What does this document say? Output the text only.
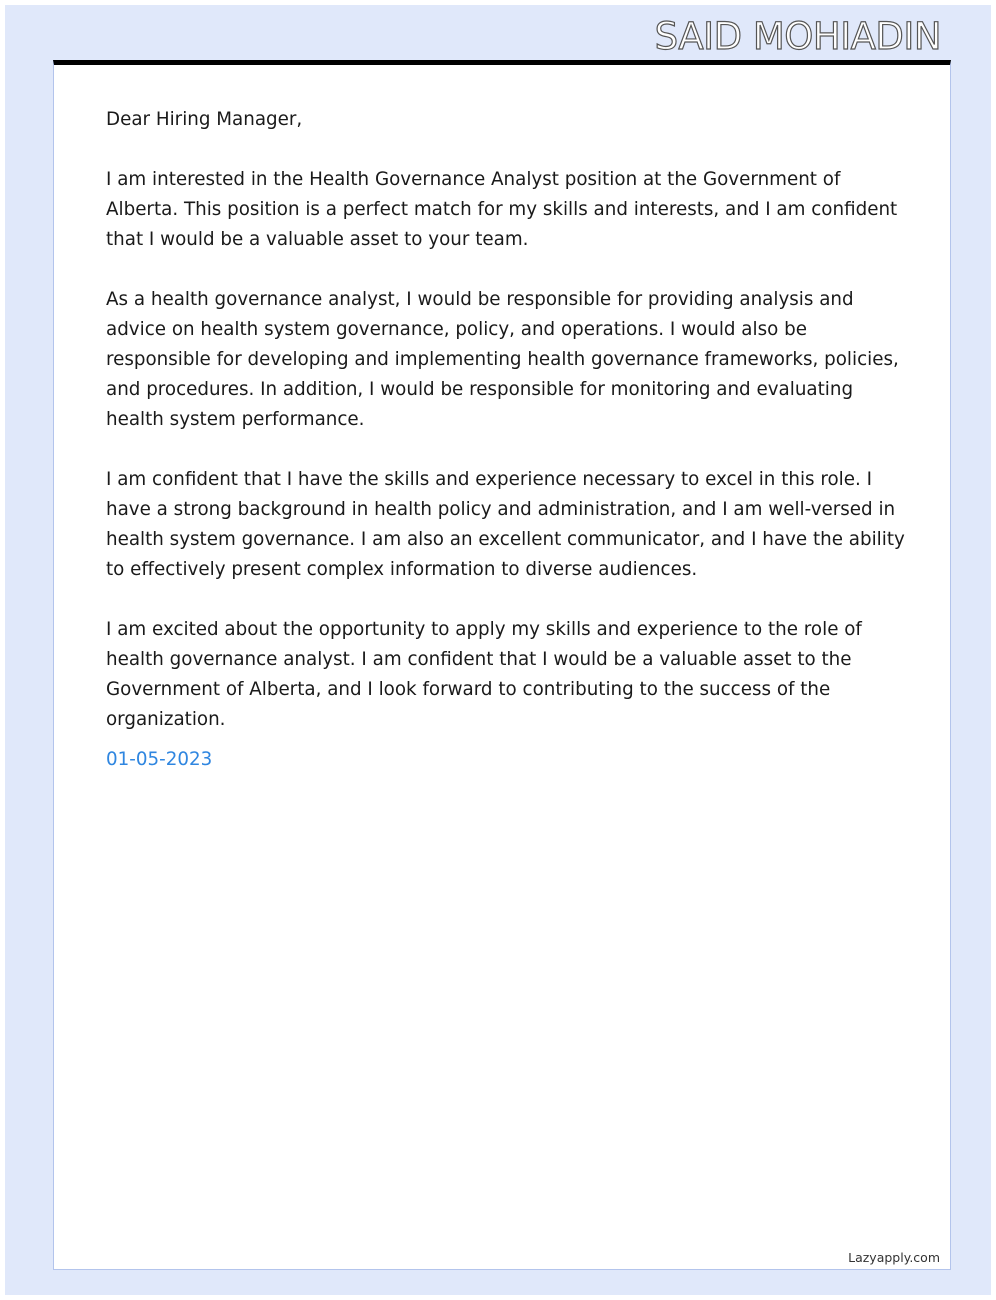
SAID MOHIADIN

Dear Hiring Manager,

I am interested in the Health Governance Analyst position at the Government of Alberta. This position is a perfect match for my skills and interests, and I am confident that I would be a valuable asset to your team.

As a health governance analyst, I would be responsible for providing analysis and advice on health system governance, policy, and operations. I would also be responsible for developing and implementing health governance frameworks, policies, and procedures. In addition, I would be responsible for monitoring and evaluating health system performance.

I am confident that I have the skills and experience necessary to excel in this role. I have a strong background in health policy and administration, and I am well-versed in health system governance. I am also an excellent communicator, and I have the ability to effectively present complex information to diverse audiences.

I am excited about the opportunity to apply my skills and experience to the role of health governance analyst. I am confident that I would be a valuable asset to the Government of Alberta, and I look forward to contributing to the success of the organization.

01-05-2023
Lazyapply.com
